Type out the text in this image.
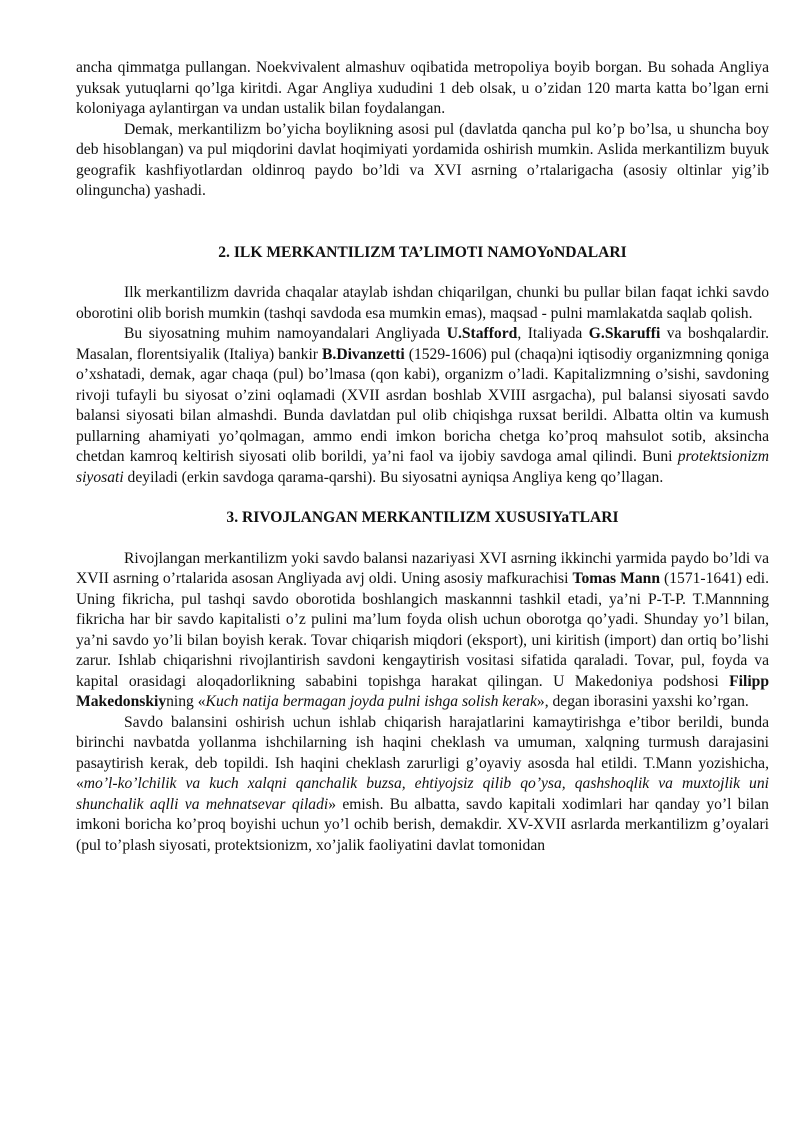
ancha qimmatga pullangan. Noekvivalent almashuv oqibatida metropoliya boyib borgan. Bu sohada Angliya yuksak yutuqlarni qo’lga kiritdi. Agar Angliya xududini 1 deb olsak, u o’zidan 120 marta katta bo’lgan erni koloniyaga aylantirgan va undan ustalik bilan foydalangan.

Demak, merkantilizm bo’yicha boylikning asosi pul (davlatda qancha pul ko’p bo’lsa, u shuncha boy deb hisoblangan) va pul miqdorini davlat hoqimiyati yordamida oshirish mumkin. Aslida merkantilizm buyuk geografik kashfiyotlardan oldinroq paydo bo’ldi va XVI asrning o’rtalarigacha (asosiy oltinlar yig’ib olinguncha) yashadi.

2. ILK MERKANTILIZM TA’LIMOTI NAMOYoNDALARI

Ilk merkantilizm davrida chaqalar ataylab ishdan chiqarilgan, chunki bu pullar bilan faqat ichki savdo oborotini olib borish mumkin (tashqi savdoda esa mumkin emas), maqsad - pulni mamlakatda saqlab qolish.

Bu siyosatning muhim namoyandalari Angliyada U.Stafford, Italiyada G.Skaruffi va boshqalardir. Masalan, florentsiyalik (Italiya) bankir B.Divanzetti (1529-1606) pul (chaqa)ni iqtisodiy organizmning qoniga o’xshatadi, demak, agar chaqa (pul) bo’lmasa (qon kabi), organizm o’ladi. Kapitalizmning o’sishi, savdoning rivoji tufayli bu siyosat o’zini oqlamadi (XVII asrdan boshlab XVIII asrgacha), pul balansi siyosati savdo balansi siyosati bilan almashdi. Bunda davlatdan pul olib chiqishga ruxsat berildi. Albatta oltin va kumush pullarning ahamiyati yo’qolmagan, ammo endi imkon boricha chetga ko’proq mahsulot sotib, aksincha chetdan kamroq keltirish siyosati olib borildi, ya’ni faol va ijobiy savdoga amal qilindi. Buni protektsionizm siyosati deyiladi (erkin savdoga qarama-qarshi). Bu siyosatni ayniqsa Angliya keng qo’llagan.

3. RIVOJLANGAN MERKANTILIZM XUSUSIYaTLARI

Rivojlangan merkantilizm yoki savdo balansi nazariyasi XVI asrning ikkinchi yarmida paydo bo’ldi va XVII asrning o’rtalarida asosan Angliyada avj oldi. Uning asosiy mafkurachisi Tomas Mann (1571-1641) edi. Uning fikricha, pul tashqi savdo oborotida boshlangich maskannni tashkil etadi, ya’ni P-T-P. T.Mannning fikricha har bir savdo kapitalisti o’z pulini ma’lum foyda olish uchun oborotga qo’yadi. Shunday yo’l bilan, ya’ni savdo yo’li bilan boyish kerak. Tovar chiqarish miqdori (eksport), uni kiritish (import) dan ortiq bo’lishi zarur. Ishlab chiqarishni rivojlantirish savdoni kengaytirish vositasi sifatida qaraladi. Tovar, pul, foyda va kapital orasidagi aloqadorlikning sababini topishga harakat qilingan. U Makedoniya podshosi Filipp Makedonskiyning «Kuch natija bermagan joyda pulni ishga solish kerak», degan iborasini yaxshi ko’rgan.

Savdo balansini oshirish uchun ishlab chiqarish harajatlarini kamaytirishga e’tibor berildi, bunda birinchi navbatda yollanma ishchilarning ish haqini cheklash va umuman, xalqning turmush darajasini pasaytirish kerak, deb topildi. Ish haqini cheklash zarurligi g’oyaviy asosda hal etildi. T.Mann yozishicha, «mo’l-ko’lchilik va kuch xalqni qanchalik buzsa, ehtiyojsiz qilib qo’ysa, qashshoqlik va muxtojlik uni shunchalik aqlli va mehnatsevar qiladi» emish. Bu albatta, savdo kapitali xodimlari har qanday yo’l bilan imkoni boricha ko’proq boyishi uchun yo’l ochib berish, demakdir. XV-XVII asrlarda merkantilizm g’oyalari (pul to’plash siyosati, protektsionizm, xo’jalik faoliyatini davlat tomonidan
